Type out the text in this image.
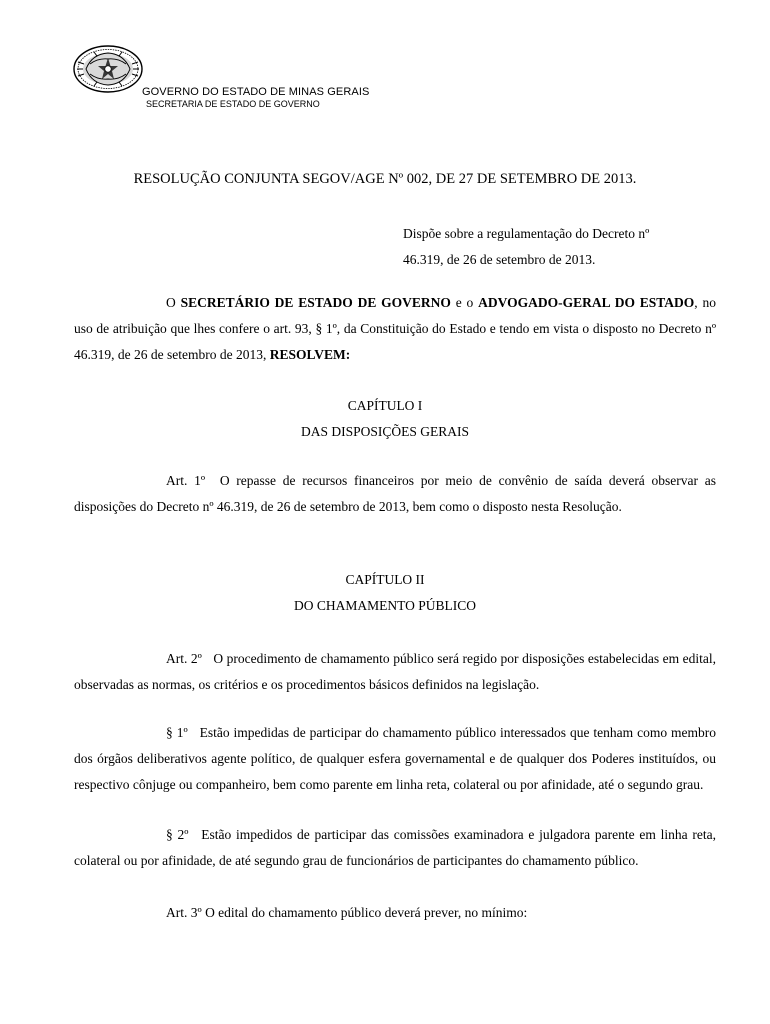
GOVERNO DO ESTADO DE MINAS GERAIS
SECRETARIA DE ESTADO DE GOVERNO
RESOLUÇÃO CONJUNTA SEGOV/AGE Nº 002, DE 27 DE SETEMBRO DE 2013.

Dispõe sobre a regulamentação do Decreto nº

46.319, de 26 de setembro de 2013.

O SECRETÁRIO DE ESTADO DE GOVERNO e o ADVOGADO-GERAL DO ESTADO, no uso de atribuição que lhes confere o art. 93, § 1º, da Constituição do Estado e tendo em vista o disposto no Decreto nº 46.319, de 26 de setembro de 2013, RESOLVEM:
CAPÍTULO I
DAS DISPOSIÇÕES GERAIS
Art. 1º O repasse de recursos financeiros por meio de convênio de saída deverá observar as disposições do Decreto nº 46.319, de 26 de setembro de 2013, bem como o disposto nesta Resolução.
CAPÍTULO II
DO CHAMAMENTO PÚBLICO
Art. 2º O procedimento de chamamento público será regido por disposições estabelecidas em edital, observadas as normas, os critérios e os procedimentos básicos definidos na legislação.
§ 1º Estão impedidas de participar do chamamento público interessados que tenham como membro dos órgãos deliberativos agente político, de qualquer esfera governamental e de qualquer dos Poderes instituídos, ou respectivo cônjuge ou companheiro, bem como parente em linha reta, colateral ou por afinidade, até o segundo grau.
§ 2º Estão impedidos de participar das comissões examinadora e julgadora parente em linha reta, colateral ou por afinidade, de até segundo grau de funcionários de participantes do chamamento público.
Art. 3º O edital do chamamento público deverá prever, no mínimo:
